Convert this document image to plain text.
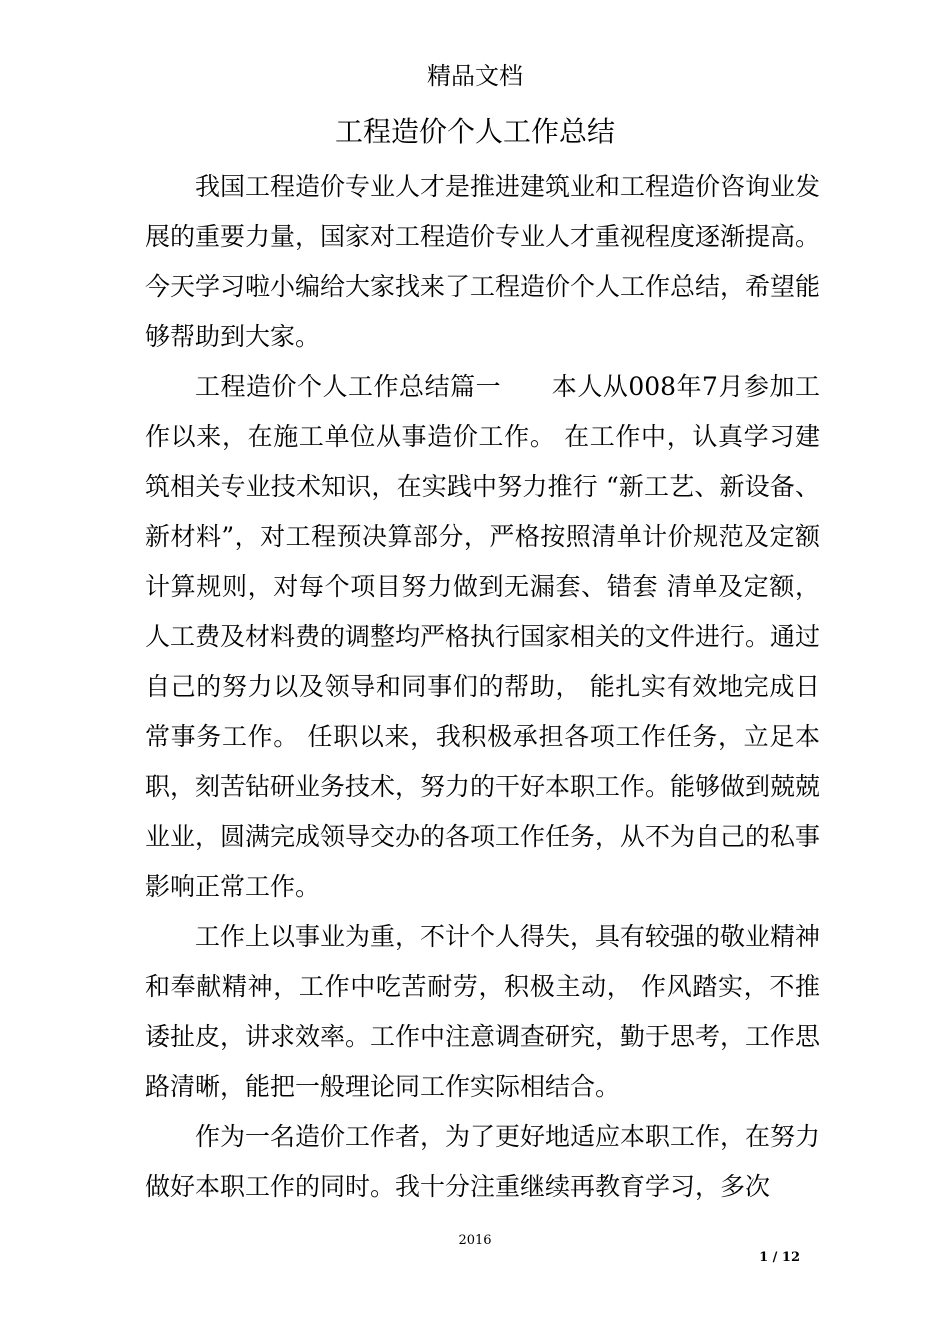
精品文档
工程造价个人工作总结

我国工程造价专业人才是推进建筑业和工程造价咨询业发展的重要力量，国家对工程造价专业人才重视程度逐渐提高。今天学习啦小编给大家找来了工程造价个人工作总结，希望能够帮助到大家。

工程造价个人工作总结篇一      本人从008年7月参加工作以来，在施工单位从事造价工作。 在工作中，认真学习建筑相关专业技术知识，在实践中努力推行 “新工艺、新设备、 新材料”，对工程预决算部分，严格按照清单计价规范及定额计算规则，对每个项目努力做到无漏套、错套 清单及定额，人工费及材料费的调整均严格执行国家相关的文件进行。通过自己的努力以及领导和同事们的帮助， 能扎实有效地完成日常事务工作。 任职以来，我积极承担各项工作任务，立足本职，刻苦钻研业务技术，努力的干好本职工作。能够做到兢兢业业，圆满完成领导交办的各项工作任务，从不为自己的私事影响正常工作。

工作上以事业为重，不计个人得失，具有较强的敬业精神和奉献精神，工作中吃苦耐劳，积极主动， 作风踏实，不推诿扯皮，讲求效率。工作中注意调查研究，勤于思考，工作思路清晰，能把一般理论同工作实际相结合。

作为一名造价工作者，为了更好地适应本职工作，在努力做好本职工作的同时。我十分注重继续再教育学习，多次

2016
1 / 12
